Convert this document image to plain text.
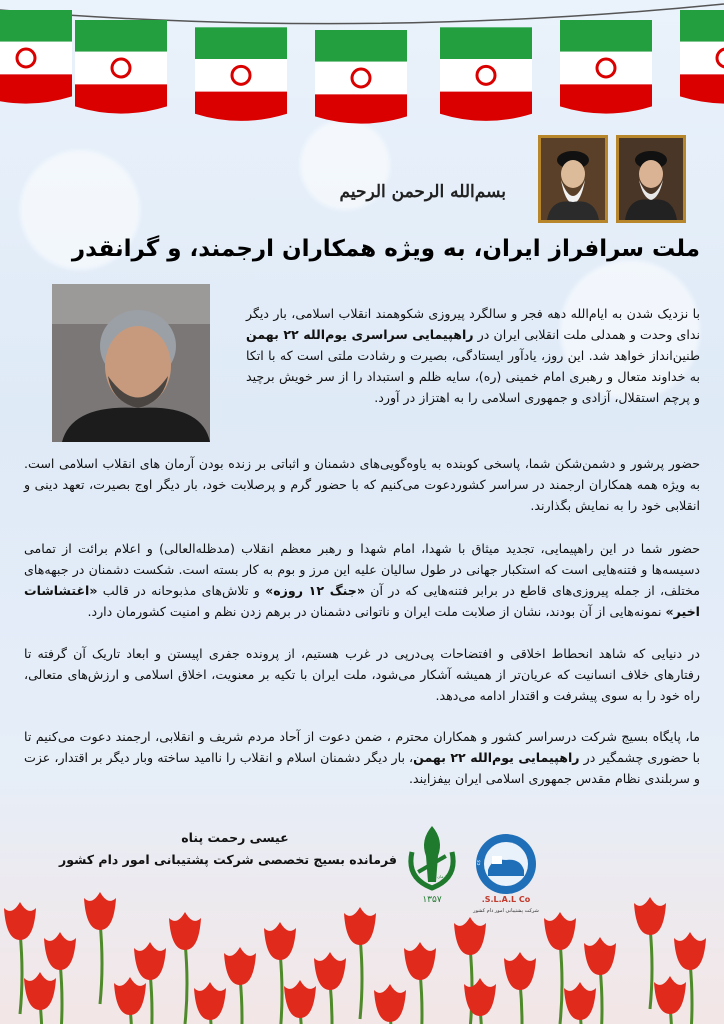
بسم‌الله الرحمن الرحیم
ملت سرافراز ایران، به ویژه همکاران ارجمند، و گرانقدر

با نزدیک شدن به ایام‌الله دهه فجر و سالگرد پیروزی شکوهمند انقلاب اسلامی، بار دیگر ندای وحدت و همدلی ملت انقلابی ایران در راهپیمایی سراسری یوم‌الله ۲۲ بهمن طنین‌انداز خواهد شد. این روز، یادآور ایستادگی، بصیرت و رشادت ملتی است که با اتکا به خداوند متعال و رهبری امام خمینی (ره)، سایه ظلم و استبداد را از سر خویش برچید و پرچم استقلال، آزادی و جمهوری اسلامی را به اهتزاز در آورد.

حضور پرشور و دشمن‌شکن شما، پاسخی کوبنده به یاوه‌گویی‌های دشمنان و اثباتی بر زنده بودن آرمان های انقلاب اسلامی است. به ویژه همه همکاران ارجمند در سراسر کشوردعوت می‌کنیم که با حضور گرم و پرصلابت خود، بار دیگر اوج بصیرت، تعهد دینی و انقلابی خود را به نمایش بگذارند.

حضور شما در این راهپیمایی، تجدید میثاق با شهدا، امام شهدا و رهبر معظم انقلاب (مدظله‌العالی) و اعلام برائت از تمامی دسیسه‌ها و فتنه‌هایی است که استکبار جهانی در طول سالیان علیه این مرز و بوم به کار بسته است. شکست دشمنان در جبهه‌های مختلف، از جمله پیروزی‌های قاطع در برابر فتنه‌هایی که در آن «جنگ ۱۲ روزه» و تلاش‌های مذبوحانه در قالب «اغتشاشات اخیر» نمونه‌هایی از آن بودند، نشان از صلابت ملت ایران و ناتوانی دشمنان در برهم زدن نظم و امنیت کشورمان دارد.

در دنیایی که شاهد انحطاط اخلاقی و افتضاحات پی‌درپی در غرب هستیم، از پرونده جفری اپیستن و ابعاد تاریک آن گرفته تا رفتارهای خلاف انسانیت که عریان‌تر از همیشه آشکار می‌شود، ملت ایران با تکیه بر معنویت، اخلاق اسلامی و ارزش‌های متعالی، راه خود را به سوی پیشرفت و اقتدار ادامه می‌دهد.

ما، پایگاه بسیج شرکت درسراسر کشور و همکاران محترم ، ضمن دعوت از آحاد مردم شریف و انقلابی، ارجمند دعوت می‌کنیم تا با حضوری چشمگیر در راهپیمایی یوم‌الله ۲۲ بهمن، بار دیگر دشمنان اسلام و انقلاب را ناامید ساخته وبار دیگر بر اقتدار، عزت و سربلندی نظام مقدس جمهوری اسلامی ایران بیفزایند.

عیسی رحمت پناه
فرمانده بسیج تخصصی شرکت پشتیبانی امور دام کشور
۱۳۵۷
سازمان بسیج
cs
S.L.A.L Co.
شرکت پشتیبانی امور دام کشور
